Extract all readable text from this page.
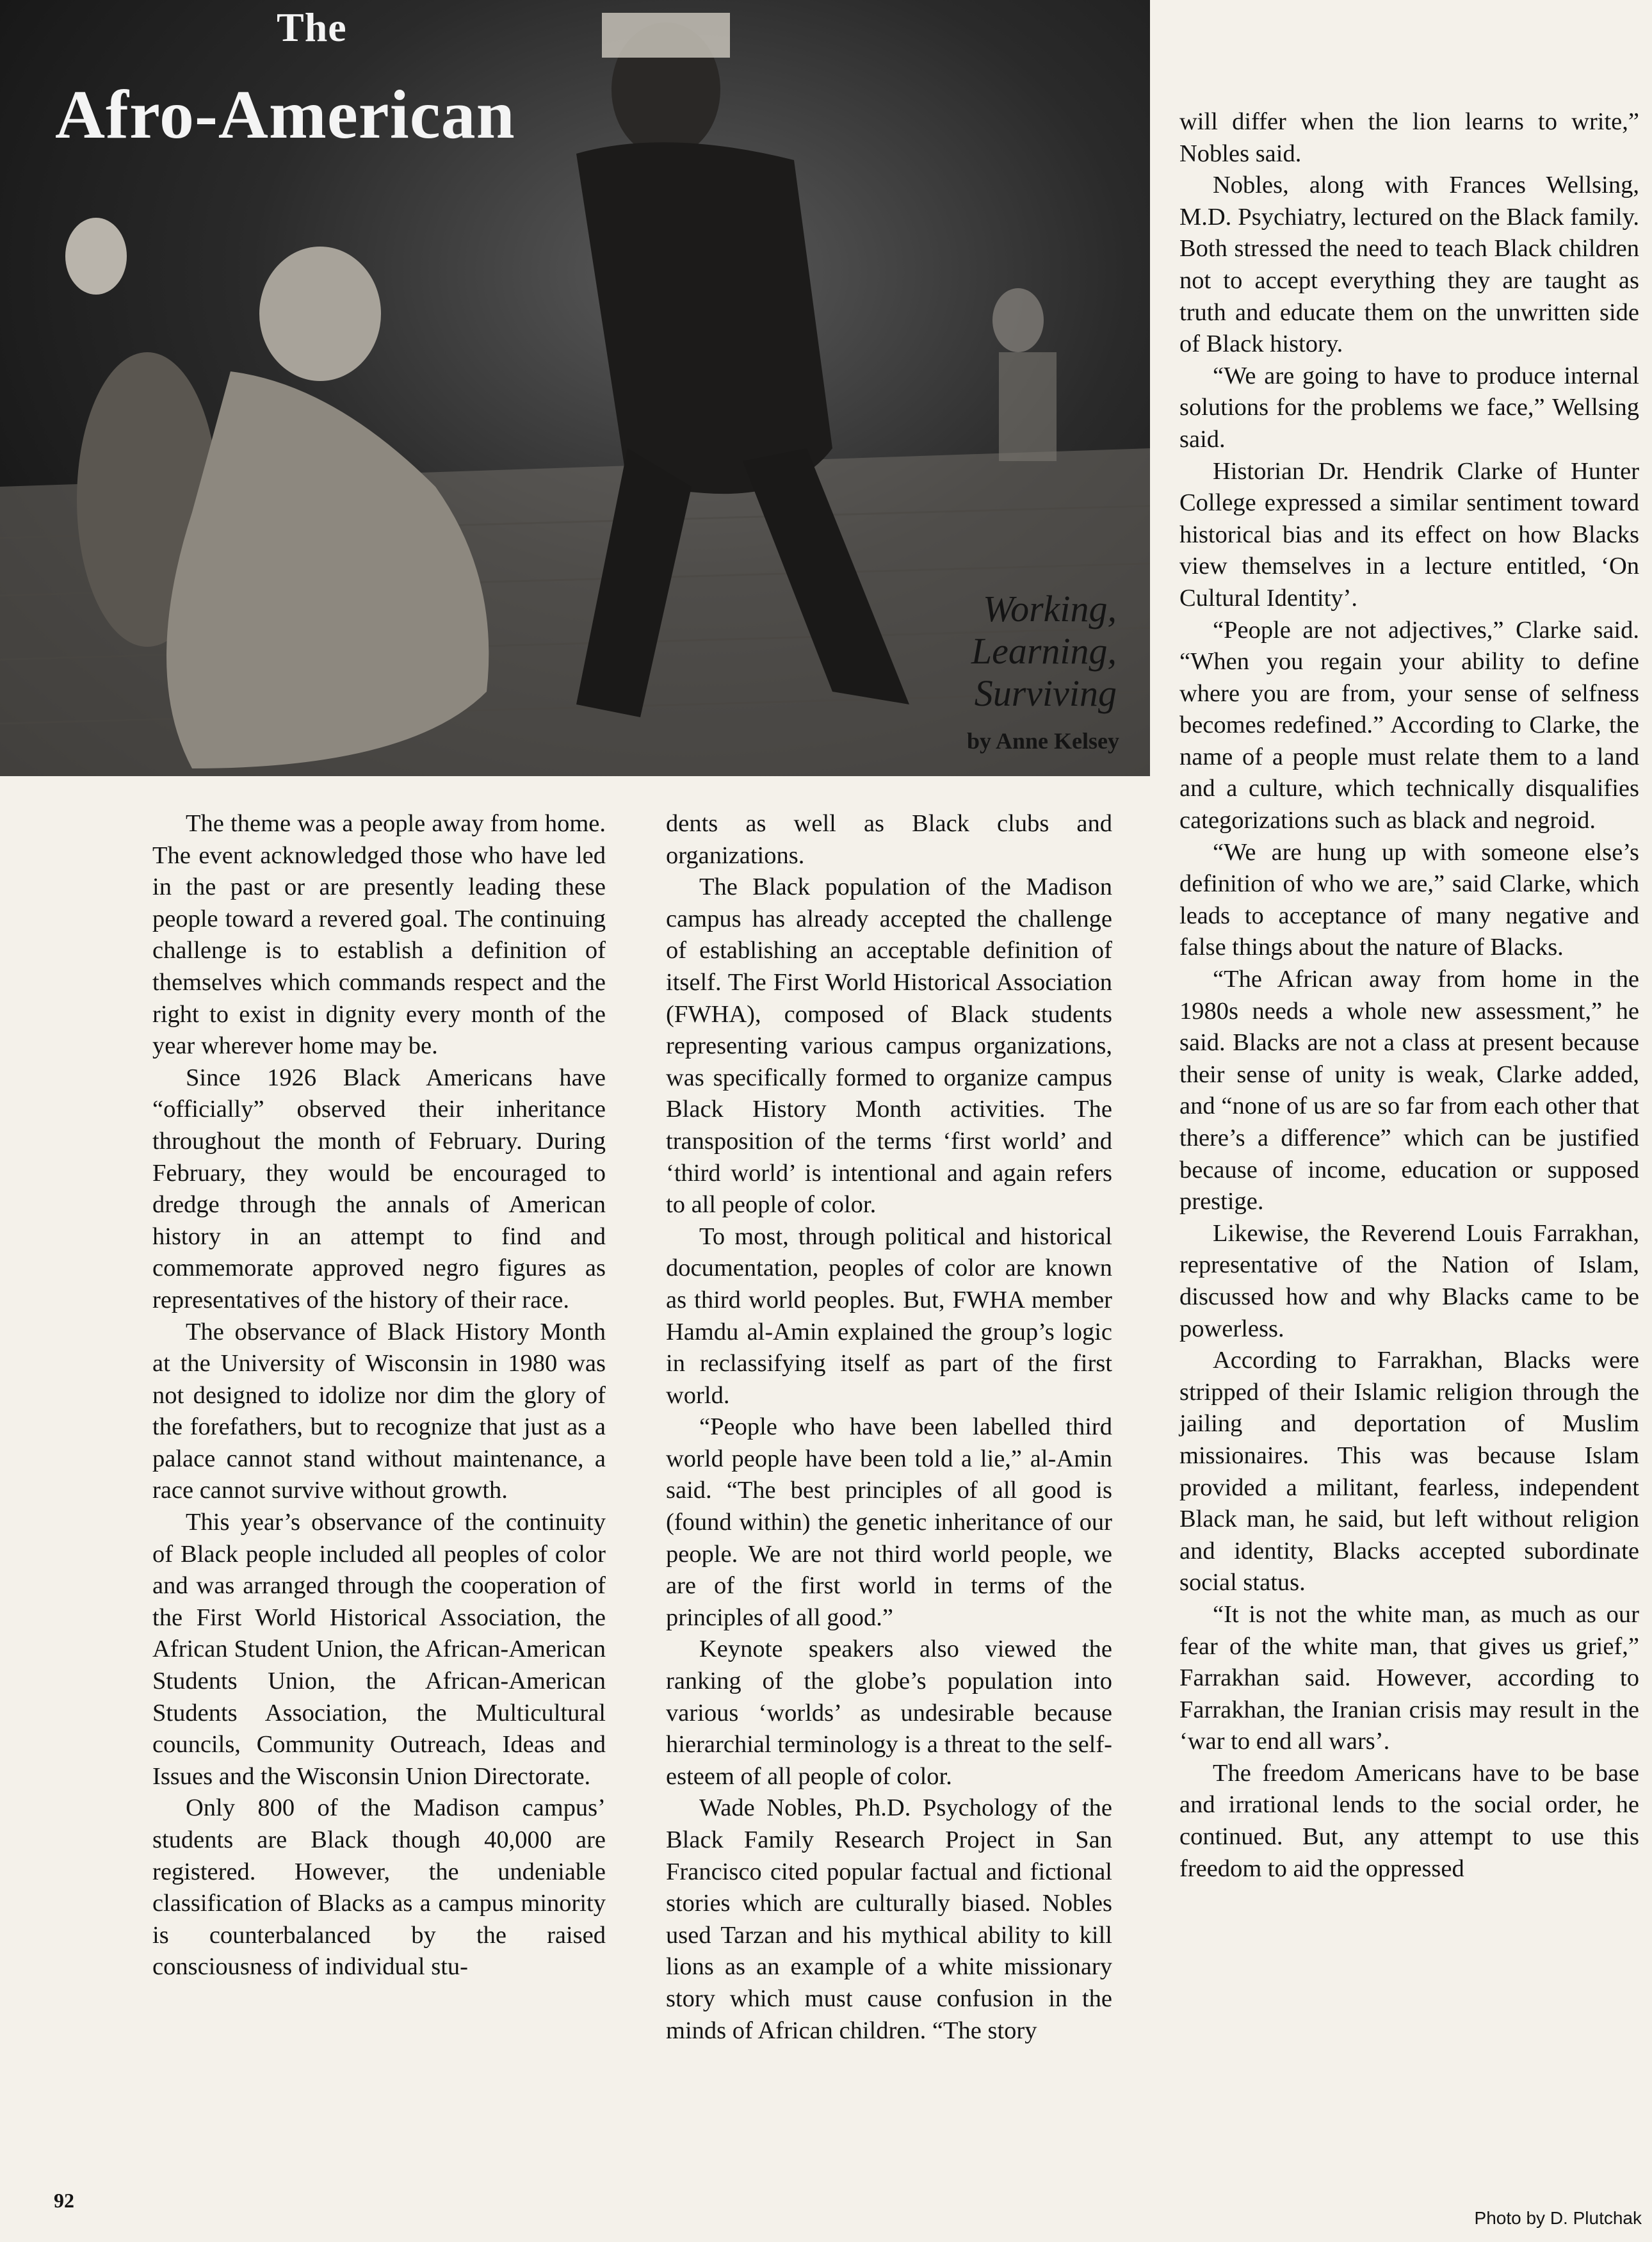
The
Afro-American
Working,
Learning,
Surviving
by Anne Kelsey

The theme was a people away from home. The event acknowledged those who have led in the past or are presently leading these people toward a revered goal. The continuing challenge is to establish a definition of themselves which commands respect and the right to exist in dignity every month of the year wherever home may be.

Since 1926 Black Americans have “officially” observed their inheritance throughout the month of February. During February, they would be encouraged to dredge through the annals of American history in an attempt to find and commemorate approved negro figures as representatives of the history of their race.

The observance of Black History Month at the University of Wisconsin in 1980 was not designed to idolize nor dim the glory of the forefathers, but to recognize that just as a palace cannot stand without maintenance, a race cannot survive without growth.

This year’s observance of the continuity of Black people included all peoples of color and was arranged through the cooperation of the First World Historical Association, the African Student Union, the African-American Students Union, the African-American Students Association, the Multicultural councils, Community Outreach, Ideas and Issues and the Wisconsin Union Directorate.

Only 800 of the Madison campus’ students are Black though 40,000 are registered. However, the undeniable classification of Blacks as a campus minority is counterbalanced by the raised consciousness of individual stu-

dents as well as Black clubs and organizations.

The Black population of the Madison campus has already accepted the challenge of establishing an acceptable definition of itself. The First World Historical Association (FWHA), composed of Black students representing various campus organizations, was specifically formed to organize campus Black History Month activities. The transposition of the terms ‘first world’ and ‘third world’ is intentional and again refers to all people of color.

To most, through political and historical documentation, peoples of color are known as third world peoples. But, FWHA member Hamdu al-Amin explained the group’s logic in reclassifying itself as part of the first world.

“People who have been labelled third world people have been told a lie,” al-Amin said. “The best principles of all good is (found within) the genetic inheritance of our people. We are not third world people, we are of the first world in terms of the principles of all good.”

Keynote speakers also viewed the ranking of the globe’s population into various ‘worlds’ as undesirable because hierarchial terminology is a threat to the self-esteem of all people of color.

Wade Nobles, Ph.D. Psychology of the Black Family Research Project in San Francisco cited popular factual and fictional stories which are culturally biased. Nobles used Tarzan and his mythical ability to kill lions as an example of a white missionary story which must cause confusion in the minds of African children. “The story

will differ when the lion learns to write,” Nobles said.

Nobles, along with Frances Wellsing, M.D. Psychiatry, lectured on the Black family. Both stressed the need to teach Black children not to accept everything they are taught as truth and educate them on the unwritten side of Black history.

“We are going to have to produce internal solutions for the problems we face,” Wellsing said.

Historian Dr. Hendrik Clarke of Hunter College expressed a similar sentiment toward historical bias and its effect on how Blacks view themselves in a lecture entitled, ‘On Cultural Identity’.

“People are not adjectives,” Clarke said. “When you regain your ability to define where you are from, your sense of selfness becomes redefined.” According to Clarke, the name of a people must relate them to a land and a culture, which technically disqualifies categorizations such as black and negroid.

“We are hung up with someone else’s definition of who we are,” said Clarke, which leads to acceptance of many negative and false things about the nature of Blacks.

“The African away from home in the 1980s needs a whole new assessment,” he said. Blacks are not a class at present because their sense of unity is weak, Clarke added, and “none of us are so far from each other that there’s a difference” which can be justified because of income, education or supposed prestige.

Likewise, the Reverend Louis Farrakhan, representative of the Nation of Islam, discussed how and why Blacks came to be powerless.

According to Farrakhan, Blacks were stripped of their Islamic religion through the jailing and deportation of Muslim missionaires. This was because Islam provided a militant, fearless, independent Black man, he said, but left without religion and identity, Blacks accepted subordinate social status.

“It is not the white man, as much as our fear of the white man, that gives us grief,” Farrakhan said. However, according to Farrakhan, the Iranian crisis may result in the ‘war to end all wars’.

The freedom Americans have to be base and irrational lends to the social order, he continued. But, any attempt to use this freedom to aid the oppressed

92
Photo by D. Plutchak
